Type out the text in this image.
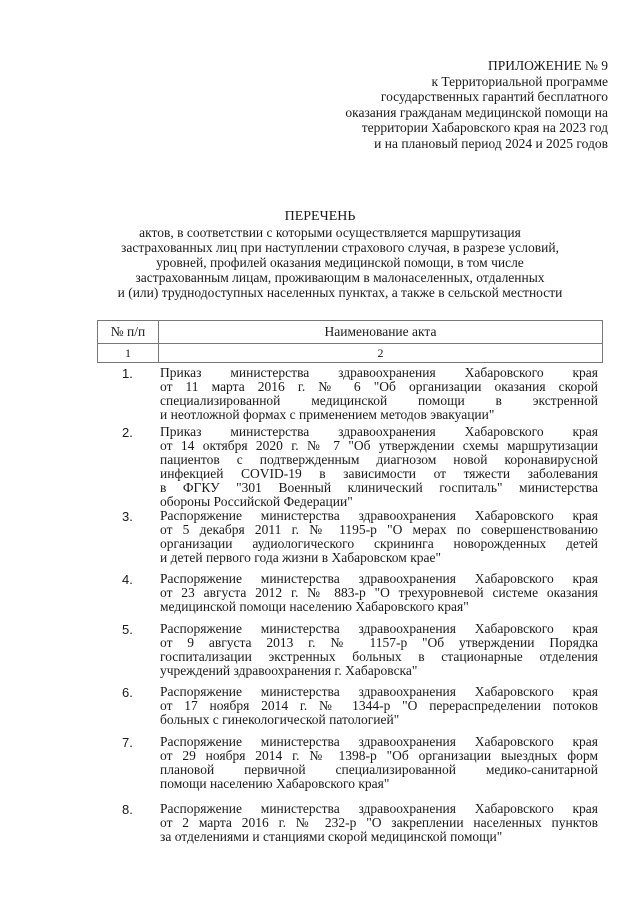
ПРИЛОЖЕНИЕ № 9
к Территориальной программе
государственных гарантий бесплатного
оказания гражданам медицинской помощи на
территории Хабаровского края на 2023 год
и на плановый период 2024 и 2025 годов
ПЕРЕЧЕНЬ
актов, в соответствии с которыми осуществляется маршрутизация
застрахованных лиц при наступлении страхового случая, в разрезе условий,
уровней, профилей оказания медицинской помощи, в том числе
застрахованным лицам, проживающим в малонаселенных, отдаленных
и (или) труднодоступных населенных пунктах, а также в сельской местности
№ п/п	Наименование акта
1	2
1. Приказ министерства здравоохранения Хабаровского края
от 11 марта 2016 г. № 6 "Об организации оказания скорой
специализированной медицинской помощи в экстренной
и неотложной формах с применением методов эвакуации"
2. Приказ министерства здравоохранения Хабаровского края
от 14 октября 2020 г. № 7 "Об утверждении схемы маршрутизации
пациентов с подтвержденным диагнозом новой коронавирусной
инфекцией COVID-19 в зависимости от тяжести заболевания
в ФГКУ "301 Военный клинический госпиталь" министерства
обороны Российской Федерации"
3. Распоряжение министерства здравоохранения Хабаровского края
от 5 декабря 2011 г. № 1195-р "О мерах по совершенствованию
организации аудиологического скрининга новорожденных детей
и детей первого года жизни в Хабаровском крае"
4. Распоряжение министерства здравоохранения Хабаровского края
от 23 августа 2012 г. № 883-р "О трехуровневой системе оказания
медицинской помощи населению Хабаровского края"
5. Распоряжение министерства здравоохранения Хабаровского края
от 9 августа 2013 г. № 1157-р "Об утверждении Порядка
госпитализации экстренных больных в стационарные отделения
учреждений здравоохранения г. Хабаровска"
6. Распоряжение министерства здравоохранения Хабаровского края
от 17 ноября 2014 г. № 1344-р "О перераспределении потоков
больных с гинекологической патологией"
7. Распоряжение министерства здравоохранения Хабаровского края
от 29 ноября 2014 г. № 1398-р "Об организации выездных форм
плановой первичной специализированной медико-санитарной
помощи населению Хабаровского края"
8. Распоряжение министерства здравоохранения Хабаровского края
от 2 марта 2016 г. № 232-р "О закреплении населенных пунктов
за отделениями и станциями скорой медицинской помощи"
